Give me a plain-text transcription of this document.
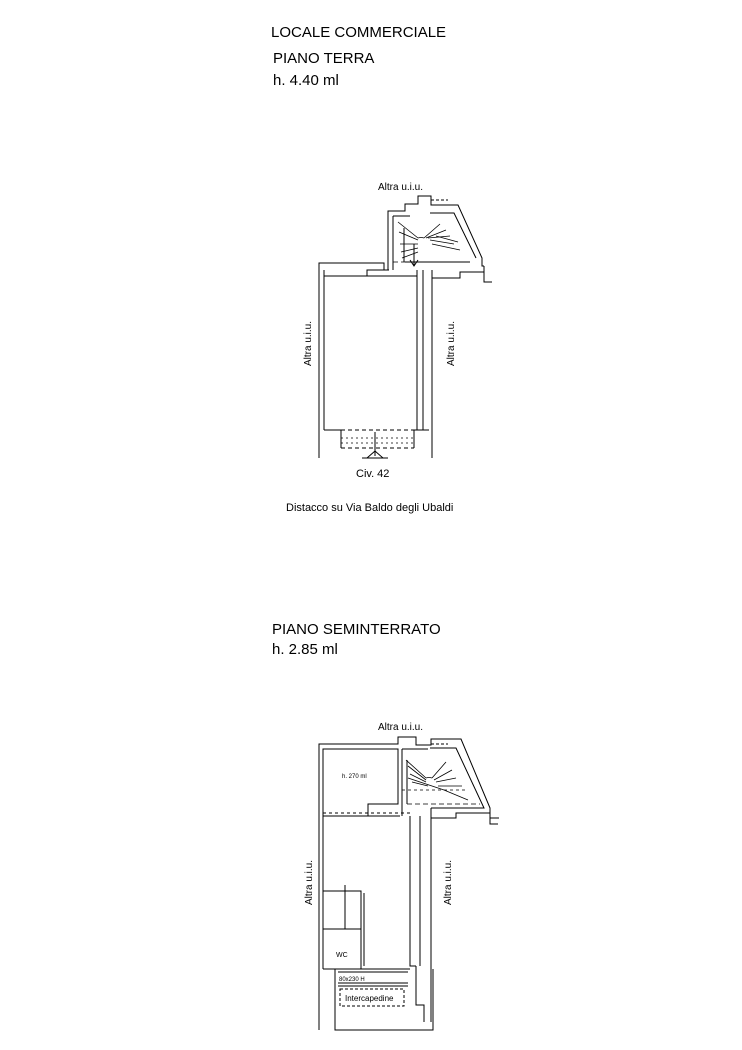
LOCALE COMMERCIALE
PIANO TERRA
h. 4.40 ml
PIANO SEMINTERRATO
h. 2.85 ml
Altra u.i.u.
Altra u.i.u.	Altra u.i.u.
Civ. 42
Distacco su Via Baldo degli Ubaldi
Altra u.i.u.
Altra u.i.u.	Altra u.i.u.
h. 270 ml
WC
80x230 H
Intercapedine
